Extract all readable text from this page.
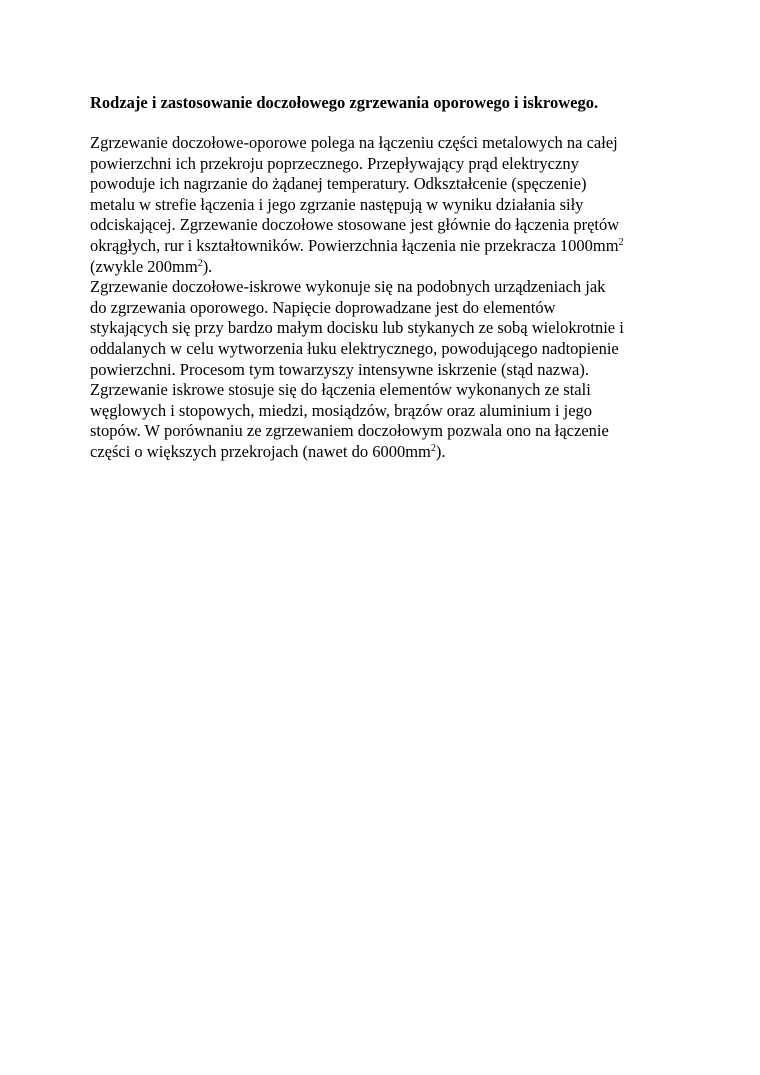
Rodzaje i zastosowanie doczołowego zgrzewania oporowego i iskrowego.

Zgrzewanie doczołowe-oporowe polega na łączeniu części metalowych na całej
powierzchni ich przekroju poprzecznego. Przepływający prąd elektryczny
powoduje ich nagrzanie do żądanej temperatury. Odkształcenie (spęczenie)
metalu w strefie łączenia i jego zgrzanie następują w wyniku działania siły
odciskającej. Zgrzewanie doczołowe stosowane jest głównie do łączenia prętów
okrągłych, rur i kształtowników. Powierzchnia łączenia nie przekracza $1000mm^2$
(zwykle $200mm^2$).
Zgrzewanie doczołowe-iskrowe wykonuje się na podobnych urządzeniach jak
do zgrzewania oporowego. Napięcie doprowadzane jest do elementów
stykających się przy bardzo małym docisku lub stykanych ze sobą wielokrotnie i
oddalanych w celu wytworzenia łuku elektrycznego, powodującego nadtopienie
powierzchni. Procesom tym towarzyszy intensywne iskrzenie (stąd nazwa).
Zgrzewanie iskrowe stosuje się do łączenia elementów wykonanych ze stali
węglowych i stopowych, miedzi, mosiądzów, brązów oraz aluminium i jego
stopów. W porównaniu ze zgrzewaniem doczołowym pozwala ono na łączenie
części o większych przekrojach (nawet do $6000mm^2$).
